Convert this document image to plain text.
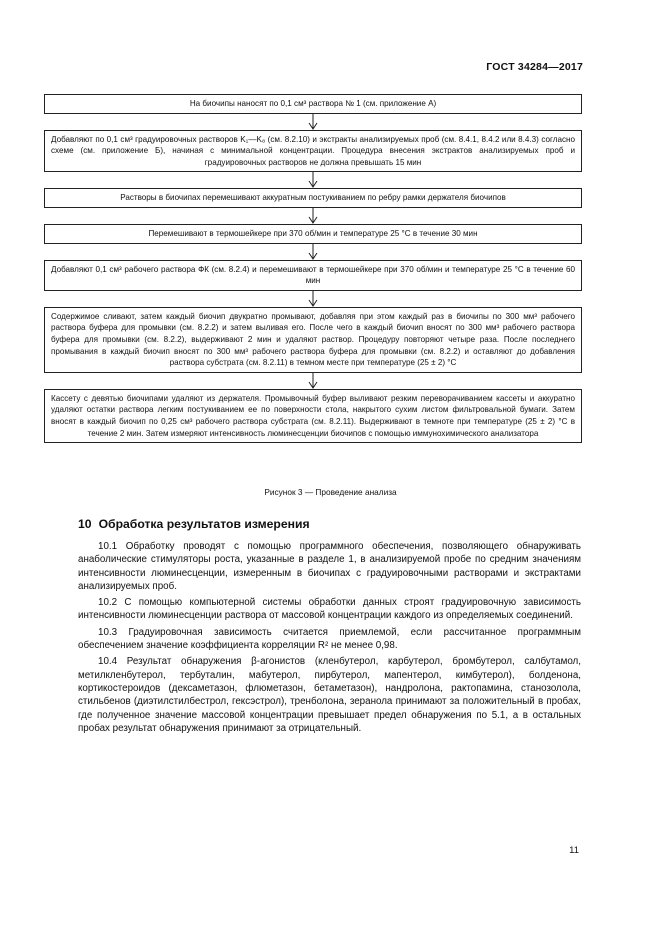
ГОСТ 34284—2017
На биочипы наносят по 0,1 см³ раствора № 1 (см. приложение А)
Добавляют по 0,1 см³ градуировочных растворов K₁—K₈ (см. 8.2.10) и экстракты анализируемых проб (см. 8.4.1, 8.4.2 или 8.4.3) согласно схеме (см. приложение Б), начиная с минимальной концентрации. Процедура внесения экстрактов анализируемых проб и градуировочных растворов не должна превышать 15 мин
Растворы в биочипах перемешивают аккуратным постукиванием по ребру рамки держателя биочипов
Перемешивают в термошейкере при 370 об/мин и температуре 25 °С в течение 30 мин
Добавляют 0,1 см³ рабочего раствора ФК (см. 8.2.4) и перемешивают в термошейкере при 370 об/мин и температуре 25 °С в течение 60 мин
Содержимое сливают, затем каждый биочип двукратно промывают, добавляя при этом каждый раз в биочипы по 300 мм³ рабочего раствора буфера для промывки (см. 8.2.2) и затем выливая его. После чего в каждый биочип вносят по 300 мм³ рабочего раствора буфера для промывки (см. 8.2.2), выдерживают 2 мин и удаляют раствор. Процедуру повторяют четыре раза. После последнего промывания в каждый биочип вносят по 300 мм³ рабочего раствора буфера для промывки (см. 8.2.2) и оставляют до добавления раствора субстрата (см. 8.2.11) в темном месте при температуре (25 ± 2) °С
Кассету с девятью биочипами удаляют из держателя. Промывочный буфер выливают резким переворачиванием кассеты и аккуратно удаляют остатки раствора легким постукиванием ее по поверхности стола, накрытого сухим листом фильтровальной бумаги. Затем вносят в каждый биочип по 0,25 см³ рабочего раствора субстрата (см. 8.2.11). Выдерживают в темноте при температуре (25 ± 2) °С в течение 2 мин. Затем измеряют интенсивность люминесценции биочипов с помощью иммунохимического анализатора
Рисунок 3 — Проведение анализа
10 Обработка результатов измерения

10.1 Обработку проводят с помощью программного обеспечения, позволяющего обнаруживать анаболические стимуляторы роста, указанные в разделе 1, в анализируемой пробе по средним значениям интенсивности люминесценции, измеренным в биочипах с градуировочными растворами и экстрактами анализируемых проб.

10.2 С помощью компьютерной системы обработки данных строят градуировочную зависимость интенсивности люминесценции раствора от массовой концентрации каждого из определяемых соединений.

10.3 Градуировочная зависимость считается приемлемой, если рассчитанное программным обеспечением значение коэффициента корреляции R² не менее 0,98.

10.4 Результат обнаружения β-агонистов (кленбутерол, карбутерол, бромбутерол, салбутамол, метилкленбутерол, тербуталин, мабутерол, пирбутерол, мапентерол, кимбутерол), болденона, кортикостероидов (дексаметазон, флюметазон, бетаметазон), нандролона, рактопамина, станозолола, стильбенов (диэтилстилбестрол, гексэстрол), тренболона, зеранола принимают за положительный в пробах, где полученное значение массовой концентрации превышает предел обнаружения по 5.1, а в остальных пробах результат обнаружения принимают за отрицательный.

11
